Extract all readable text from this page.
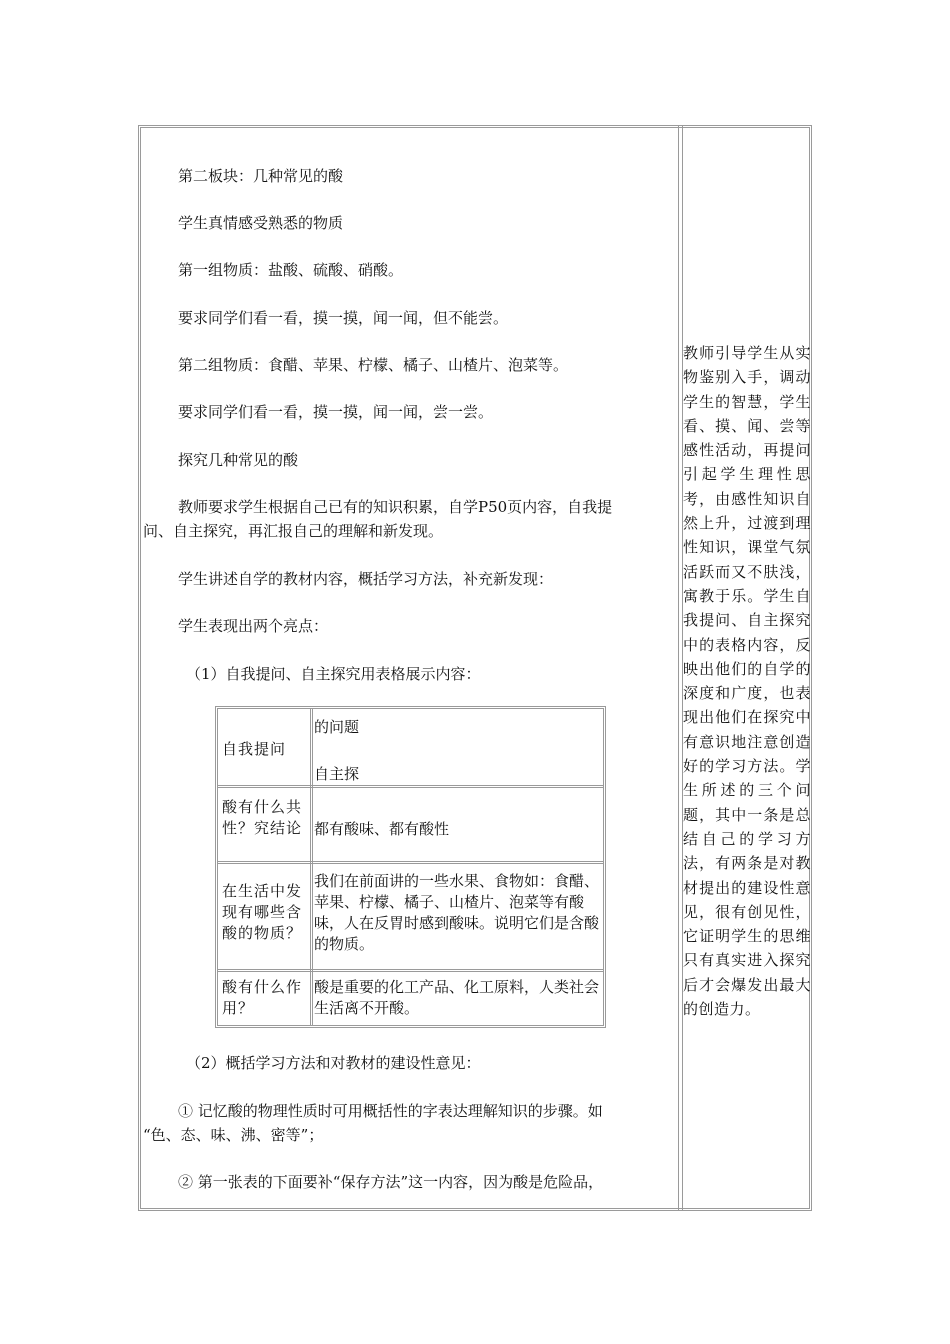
第二板块：几种常见的酸
学生真情感受熟悉的物质
第一组物质：盐酸、硫酸、硝酸。
要求同学们看一看，摸一摸，闻一闻，但不能尝。
第二组物质：食醋、苹果、柠檬、橘子、山楂片、泡菜等。
要求同学们看一看，摸一摸，闻一闻，尝一尝。
探究几种常见的酸
教师要求学生根据自己已有的知识积累，自学P50页内容，自我提
问、自主探究，再汇报自己的理解和新发现。
学生讲述自学的教材内容，概括学习方法，补充新发现：
学生表现出两个亮点：
（1）自我提问、自主探究用表格展示内容：
自我提问
的问题
自主探
酸有什么共性？究结论 都有酸味、都有酸性
在生活中发现有哪些含酸的物质？
我们在前面讲的一些水果、食物如：食醋、苹果、柠檬、橘子、山楂片、泡菜等有酸味，人在反胃时感到酸味。说明它们是含酸的物质。
酸有什么作用？
酸是重要的化工产品、化工原料，人类社会生活离不开酸。
（2）概括学习方法和对教材的建设性意见：
① 记忆酸的物理性质时可用概括性的字表达理解知识的步骤。如
“色、态、味、沸、密等”；
② 第一张表的下面要补“保存方法”这一内容，因为酸是危险品，
教师引导学生从实物鉴别入手，调动学生的智慧，学生看、摸、闻、尝等感性活动，再提问引起学生理性思考，由感性知识自然上升，过渡到理性知识，课堂气氛活跃而又不肤浅，寓教于乐。学生自我提问、自主探究中的表格内容，反映出他们的自学的深度和广度，也表现出他们在探究中有意识地注意创造好的学习方法。学生所述的三个问题，其中一条是总结自己的学习方法，有两条是对教材提出的建设性意见，很有创见性，它证明学生的思维只有真实进入探究后才会爆发出最大的创造力。
